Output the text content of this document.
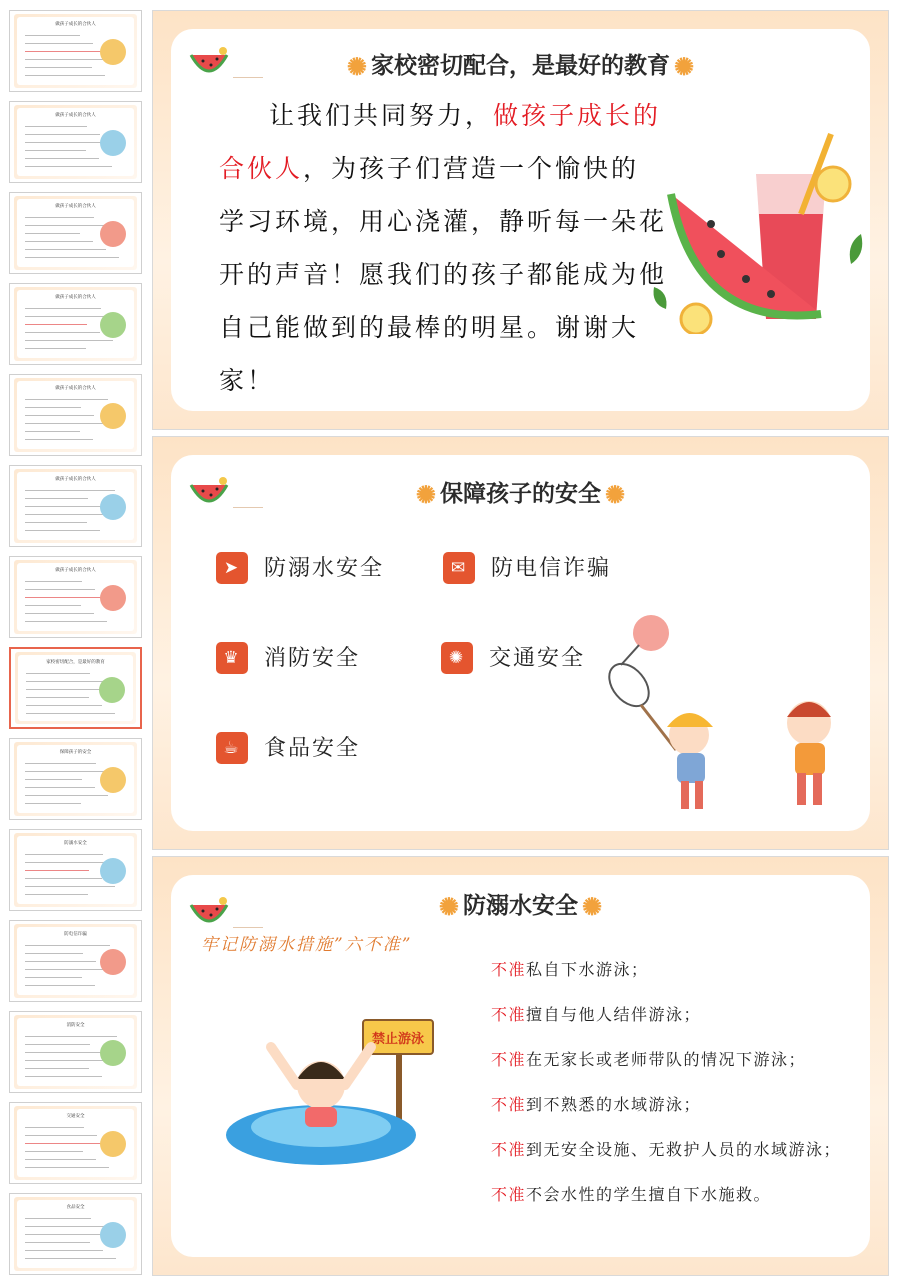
做孩子成长的合伙人
做孩子成长的合伙人
做孩子成长的合伙人
做孩子成长的合伙人
做孩子成长的合伙人
做孩子成长的合伙人
做孩子成长的合伙人
家校密切配合，是最好的教育
保障孩子的安全
防溺水安全
防电信诈骗
消防安全
交通安全
食品安全
✺ 家校密切配合，是最好的教育 ✺
让我们共同努力，做孩子成长的合伙人，为孩子们营造一个愉快的学习环境，用心浇灌，静听每一朵花开的声音！愿我们的孩子都能成为他自己能做到的最棒的明星。谢谢大家！
✺ 保障孩子的安全 ✺
➤	防溺水安全	✉	防电信诈骗
♛	消防安全	✺	交通安全
☕	食品安全
✺ 防溺水安全 ✺
牢记防溺水措施”六不准”
禁止游泳
不准私自下水游泳；
不准擅自与他人结伴游泳；
不准在无家长或老师带队的情况下游泳；
不准到不熟悉的水域游泳；
不准到无安全设施、无救护人员的水域游泳；
不准不会水性的学生擅自下水施救。
